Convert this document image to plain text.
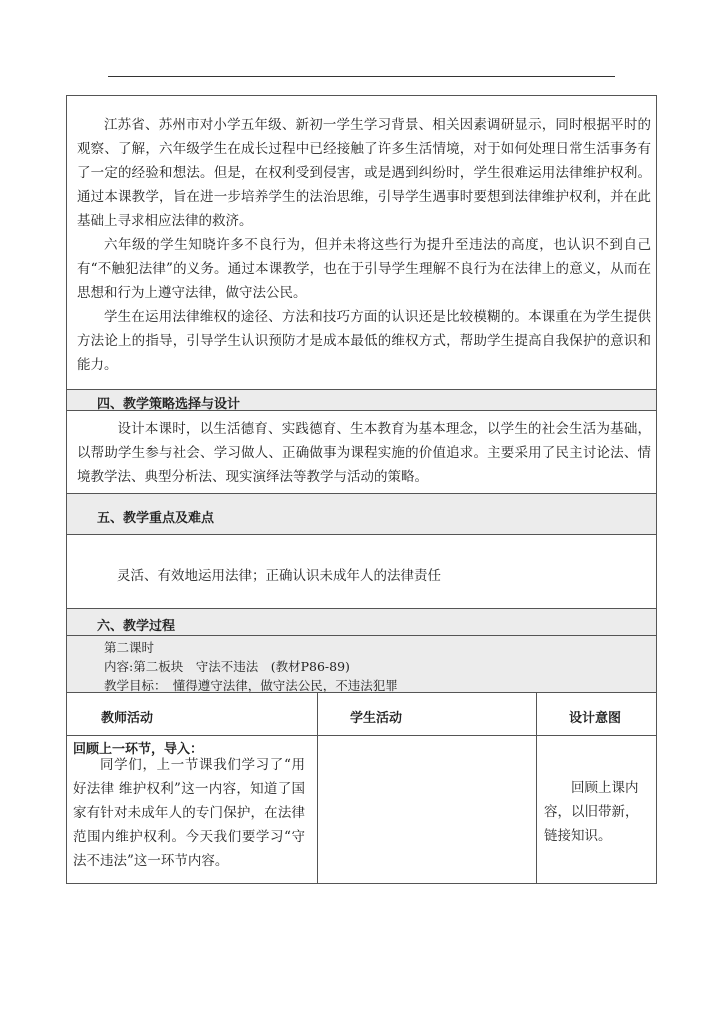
江苏省、苏州市对小学五年级、新初一学生学习背景、相关因素调研显示，同时根据平时的观察、了解，六年级学生在成长过程中已经接触了许多生活情境，对于如何处理日常生活事务有了一定的经验和想法。但是，在权利受到侵害，或是遇到纠纷时，学生很难运用法律维护权利。通过本课教学，旨在进一步培养学生的法治思维，引导学生遇事时要想到法律维护权利，并在此基础上寻求相应法律的救济。

六年级的学生知晓许多不良行为，但并未将这些行为提升至违法的高度，也认识不到自己有“不触犯法律”的义务。通过本课教学，也在于引导学生理解不良行为在法律上的意义，从而在思想和行为上遵守法律，做守法公民。

学生在运用法律维权的途径、方法和技巧方面的认识还是比较模糊的。本课重在为学生提供方法论上的指导，引导学生认识预防才是成本最低的维权方式，帮助学生提高自我保护的意识和能力。

四、教学策略选择与设计

设计本课时，以生活德育、实践德育、生本教育为基本理念，以学生的社会生活为基础，以帮助学生参与社会、学习做人、正确做事为课程实施的价值追求。主要采用了民主讨论法、情境教学法、典型分析法、现实演绎法等教学与活动的策略。

五、教学重点及难点
灵活、有效地运用法律；正确认识未成年人的法律责任
六、教学过程
第二课时
内容:第二板块　守法不违法　(教材P86-89)
教学目标：　懂得遵守法律，做守法公民，不违法犯罪
教师活动	学生活动	设计意图
回顾上一环节，导入：

同学们，上一节课我们学习了“用好法律 维护权利”这一内容，知道了国家有针对未成年人的专门保护，在法律范围内维护权利。今天我们要学习“守法不违法”这一环节内容。

回顾上课内容，以旧带新，链接知识。
